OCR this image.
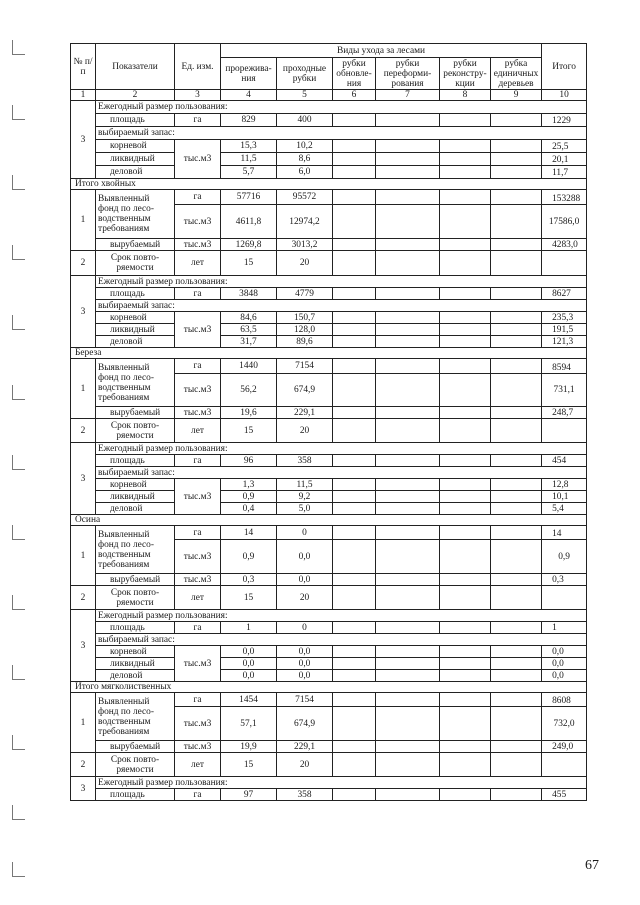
№ п/ п	Показатели	Ед. изм.	Виды ухода за лесами						Итого
			прорежива-ния	проходные рубки	рубки обновле-ния	рубки переформи-рования	рубки реконстру-кции	рубка единичных деревьев	
1	2	3	4	5	6	7	8	9	10
3	Ежегодный размер пользования:								
	площадь	га	829	400					1229
	выбираемый запас:								
	корневой	тыс.м3	15,3	10,2					25,5
	ликвидный		11,5	8,6					20,1
	деловой		5,7	6,0					11,7
Итого хвойных									
1	Выявленный фонд по лесо-водственным требованиям	га	57716	95572					153288
		тыс.м3	4611,8	12974,2					17586,0
	вырубаемый	тыс.м3	1269,8	3013,2					4283,0
2	Срок повто-ряемости	лет	15	20					
3	Ежегодный размер пользования:								
	площадь	га	3848	4779					8627
	выбираемый запас:								
	корневой	тыс.м3	84,6	150,7					235,3
	ликвидный		63,5	128,0					191,5
	деловой		31,7	89,6					121,3
Береза									
1	Выявленный фонд по лесо-водственным требованиям	га	1440	7154					8594
		тыс.м3	56,2	674,9					731,1
	вырубаемый	тыс.м3	19,6	229,1					248,7
2	Срок повто-ряемости	лет	15	20					
3	Ежегодный размер пользования:								
	площадь	га	96	358					454
	выбираемый запас:								
	корневой	тыс.м3	1,3	11,5					12,8
	ликвидный		0,9	9,2					10,1
	деловой		0,4	5,0					5,4
Осина									
1	Выявленный фонд по лесо-водственным требованиям	га	14	0					14
		тыс.м3	0,9	0,0					0,9
	вырубаемый	тыс.м3	0,3	0,0					0,3
2	Срок повто-ряемости	лет	15	20					
3	Ежегодный размер пользования:								
	площадь	га	1	0					1
	выбираемый запас:								
	корневой	тыс.м3	0,0	0,0					0,0
	ликвидный		0,0	0,0					0,0
	деловой		0,0	0,0					0,0
Итого мягколиственных									
1	Выявленный фонд по лесо-водственным требованиям	га	1454	7154					8608
		тыс.м3	57,1	674,9					732,0
	вырубаемый	тыс.м3	19,9	229,1					249,0
2	Срок повто-ряемости	лет	15	20					
3	Ежегодный размер пользования:								
	площадь	га	97	358					455
67
